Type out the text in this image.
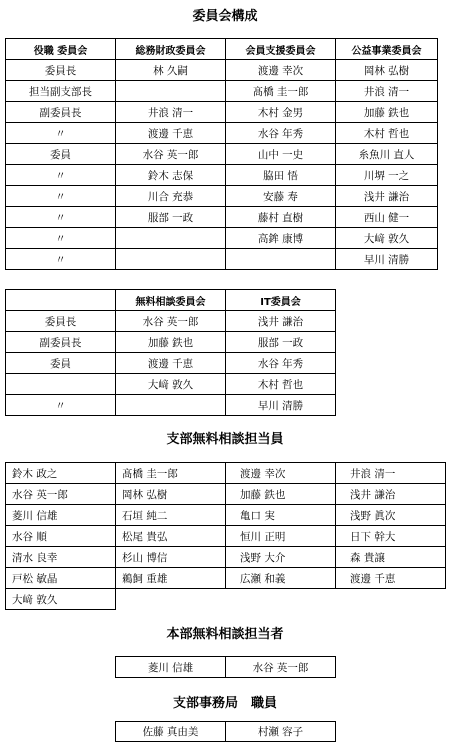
委員会構成
役職 委員会	総務財政委員会	会員支援委員会	公益事業委員会
委員長	林 久嗣	渡邊 幸次	岡林 弘樹
担当副支部長		髙橋 圭一郎	井浪 清一
副委員長	井浪 清一	木村 金男	加藤 鉄也
〃	渡邊 千恵	水谷 年秀	木村 哲也
委員	水谷 英一郎	山中 一史	糸魚川 直人
〃	鈴木 志保	脇田 悟	川堺 一之
〃	川合 充恭	安藤 寿	浅井 謙治
〃	服部 一政	藤村 直樹	西山 健一
〃		高鉾 康博	大﨑 敦久
〃			早川 清勝
	無料相談委員会	IT委員会
委員長	水谷 英一郎	浅井 謙治
副委員長	加藤 鉄也	服部 一政
委員	渡邊 千恵	水谷 年秀
	大﨑 敦久	木村 哲也
〃		早川 清勝
支部無料相談担当員
鈴木 政之	髙橋 圭一郎	渡邊 幸次	井浪 清一
水谷 英一郎	岡林 弘樹	加藤 鉄也	浅井 謙治
菱川 信雄	石垣 純二	亀口 実	浅野 眞次
水谷 順	松尾 貴弘	恒川 正明	日下 幹大
清水 良幸	杉山 博信	浅野 大介	森 貴譲
戸松 敏晶	鵜飼 重雄	広瀬 和義	渡邊 千恵
大﨑 敦久
本部無料相談担当者
菱川 信雄	水谷 英一郎
支部事務局　職員
佐藤 真由美	村瀬 容子
